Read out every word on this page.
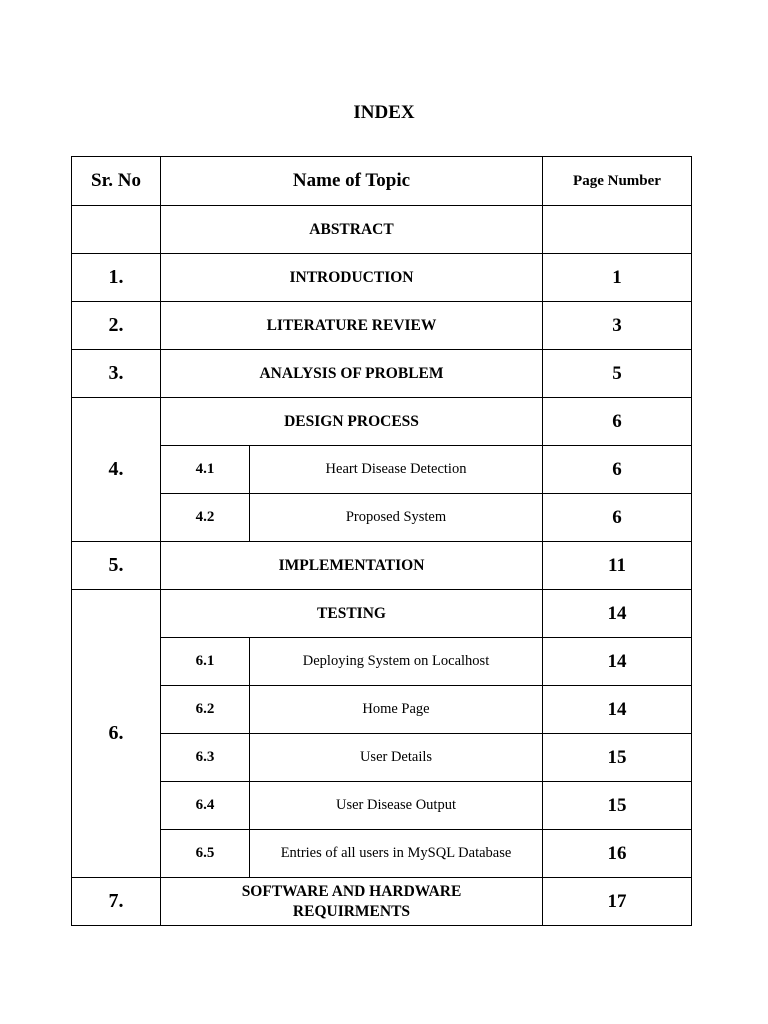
INDEX
Sr. No	Name of Topic		Page Number
	ABSTRACT		
1.	INTRODUCTION		1
2.	LITERATURE REVIEW		3
3.	ANALYSIS OF PROBLEM		5
4.	DESIGN PROCESS		6
	4.1	Heart Disease Detection	6
	4.2	Proposed System	6
5.	IMPLEMENTATION		11
6.	TESTING		14
	6.1	Deploying System on Localhost	14
	6.2	Home Page	14
	6.3	User Details	15
	6.4	User Disease Output	15
	6.5	Entries of all users in MySQL Database	16
7.	SOFTWARE AND HARDWARE
REQUIRMENTS		17
